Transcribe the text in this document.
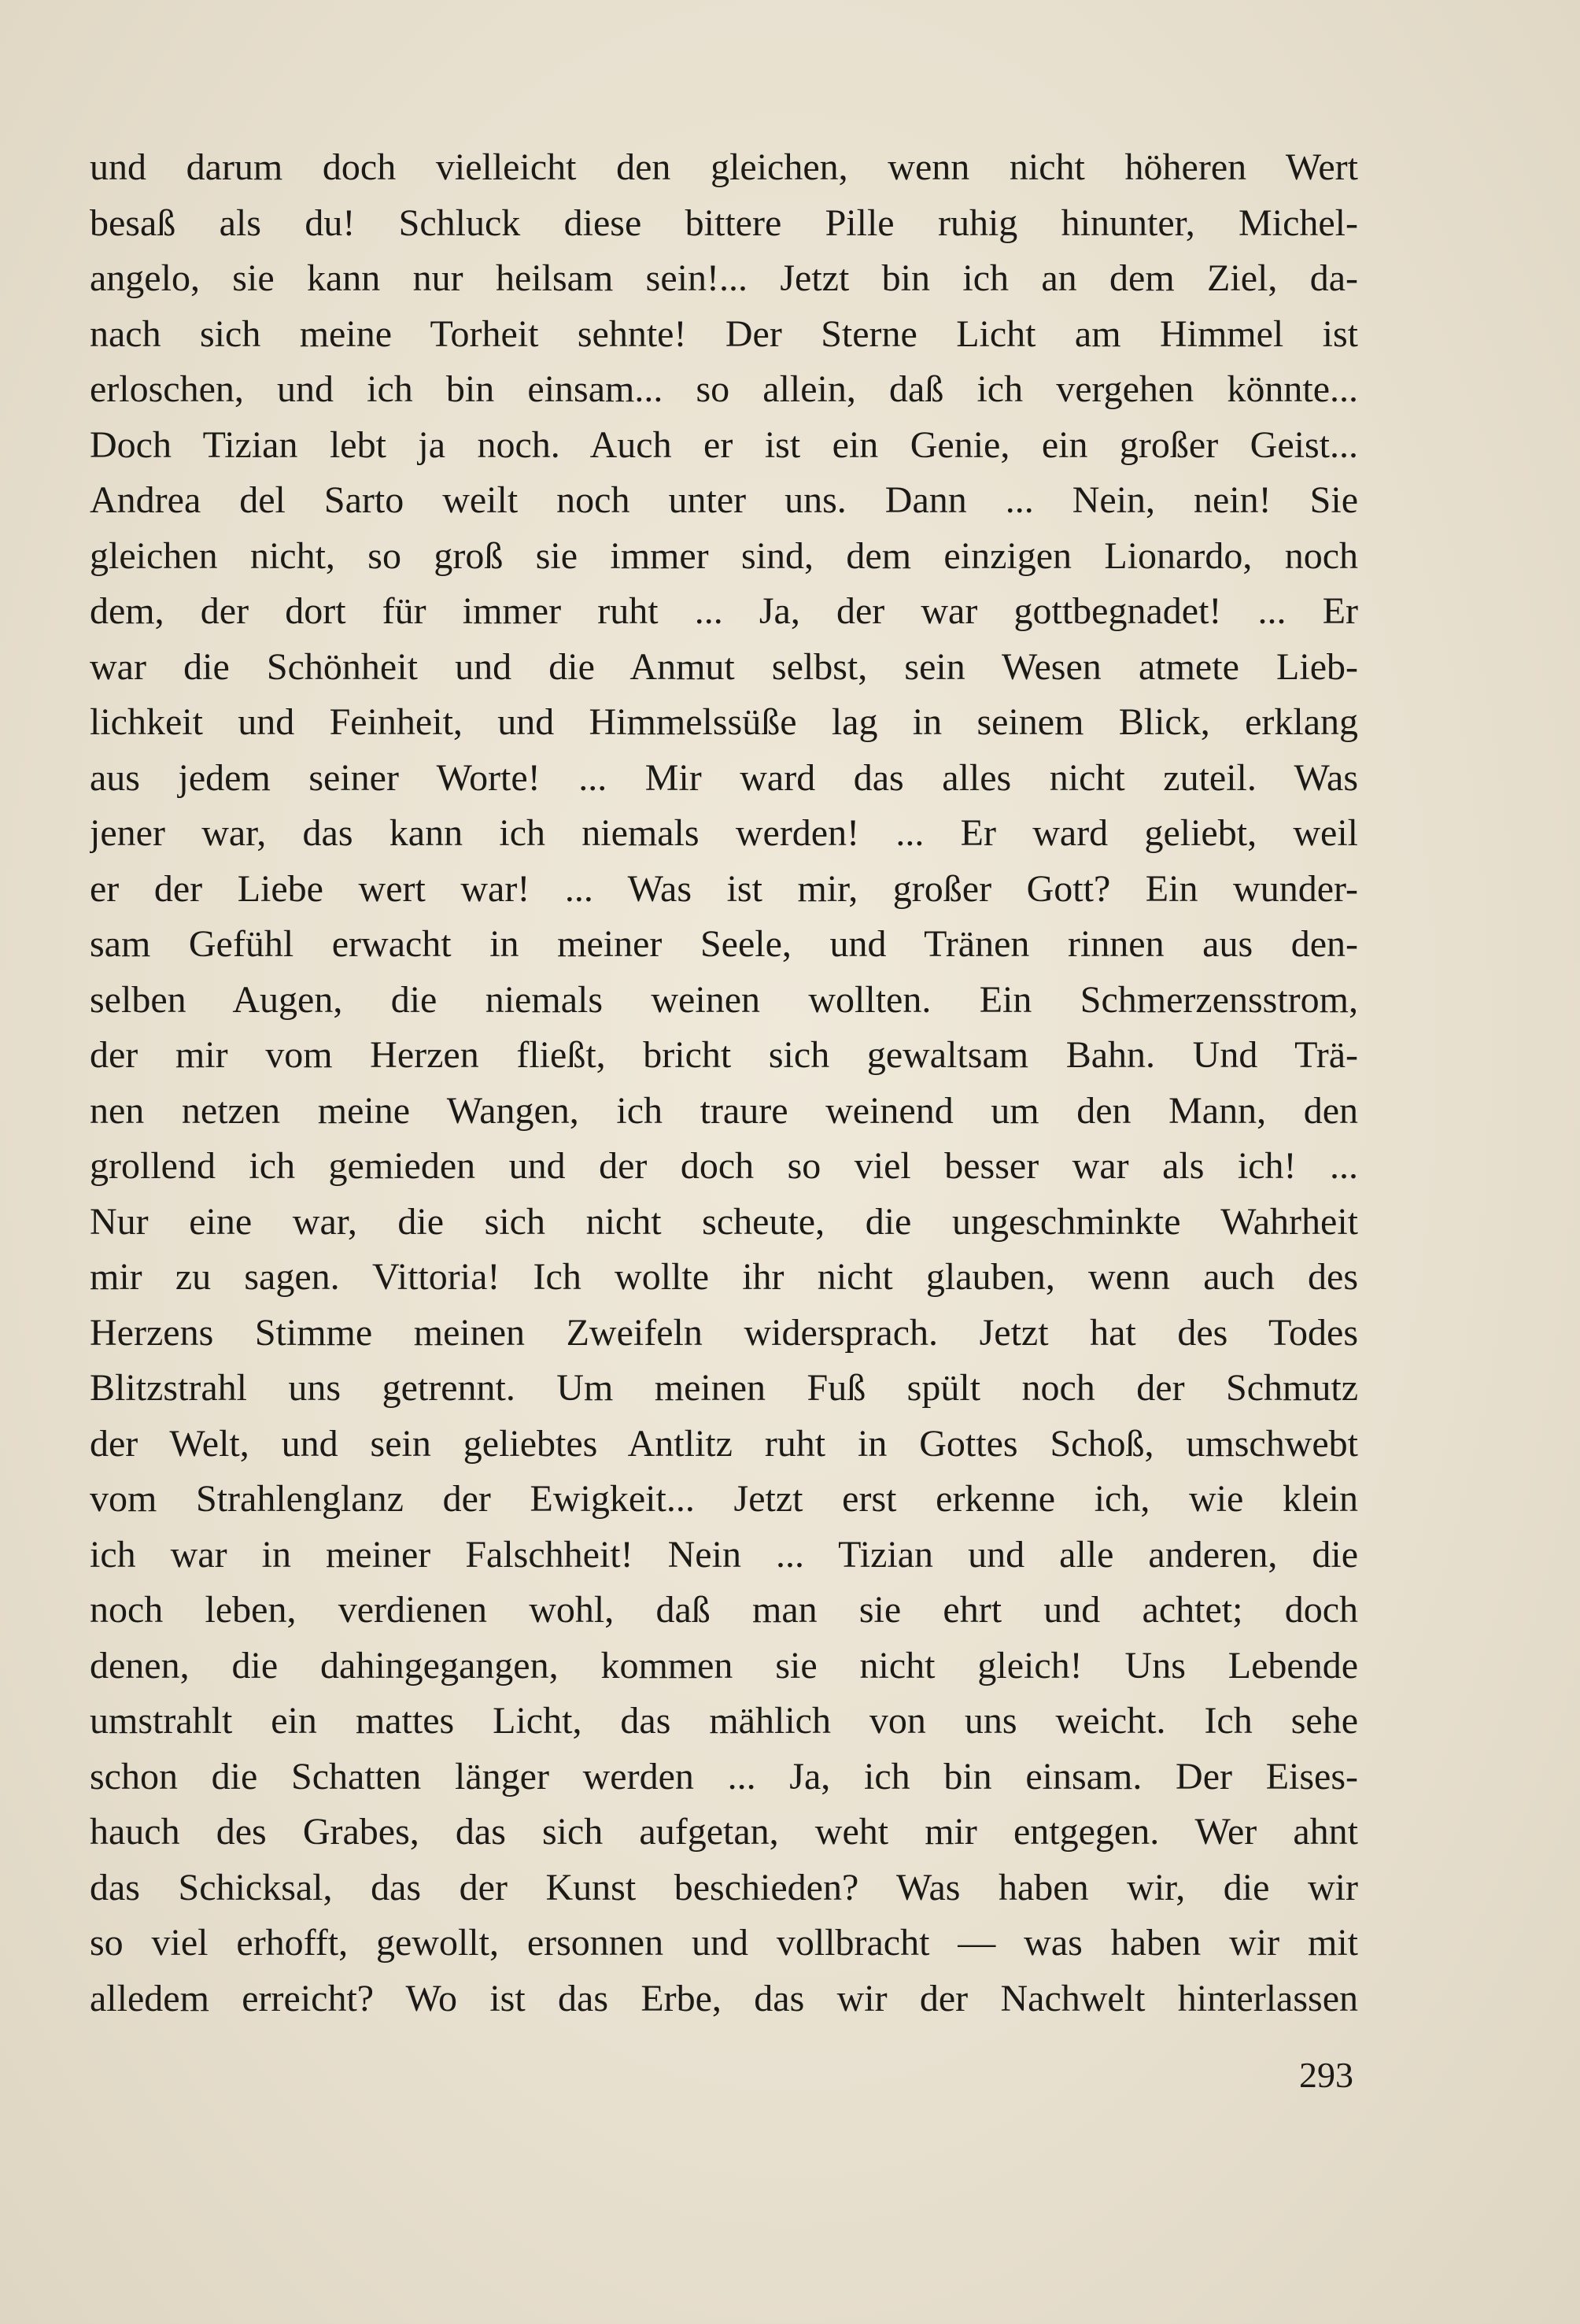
und darum doch vielleicht den gleichen, wenn nicht höheren Wert
besaß als du! Schluck diese bittere Pille ruhig hinunter, Michel-
angelo, sie kann nur heilsam sein!... Jetzt bin ich an dem Ziel, da-
nach sich meine Torheit sehnte! Der Sterne Licht am Himmel ist
erloschen, und ich bin einsam... so allein, daß ich vergehen könnte...
Doch Tizian lebt ja noch. Auch er ist ein Genie, ein großer Geist...
Andrea del Sarto weilt noch unter uns. Dann ... Nein, nein! Sie
gleichen nicht, so groß sie immer sind, dem einzigen Lionardo, noch
dem, der dort für immer ruht ... Ja, der war gottbegnadet! ... Er
war die Schönheit und die Anmut selbst, sein Wesen atmete Lieb-
lichkeit und Feinheit, und Himmelssüße lag in seinem Blick, erklang
aus jedem seiner Worte! ... Mir ward das alles nicht zuteil. Was
jener war, das kann ich niemals werden! ... Er ward geliebt, weil
er der Liebe wert war! ... Was ist mir, großer Gott? Ein wunder-
sam Gefühl erwacht in meiner Seele, und Tränen rinnen aus den-
selben Augen, die niemals weinen wollten. Ein Schmerzensstrom,
der mir vom Herzen fließt, bricht sich gewaltsam Bahn. Und Trä-
nen netzen meine Wangen, ich traure weinend um den Mann, den
grollend ich gemieden und der doch so viel besser war als ich! ...
Nur eine war, die sich nicht scheute, die ungeschminkte Wahrheit
mir zu sagen. Vittoria! Ich wollte ihr nicht glauben, wenn auch des
Herzens Stimme meinen Zweifeln widersprach. Jetzt hat des Todes
Blitzstrahl uns getrennt. Um meinen Fuß spült noch der Schmutz
der Welt, und sein geliebtes Antlitz ruht in Gottes Schoß, umschwebt
vom Strahlenglanz der Ewigkeit... Jetzt erst erkenne ich, wie klein
ich war in meiner Falschheit! Nein ... Tizian und alle anderen, die
noch leben, verdienen wohl, daß man sie ehrt und achtet; doch
denen, die dahingegangen, kommen sie nicht gleich! Uns Lebende
umstrahlt ein mattes Licht, das mählich von uns weicht. Ich sehe
schon die Schatten länger werden ... Ja, ich bin einsam. Der Eises-
hauch des Grabes, das sich aufgetan, weht mir entgegen. Wer ahnt
das Schicksal, das der Kunst beschieden? Was haben wir, die wir
so viel erhofft, gewollt, ersonnen und vollbracht — was haben wir mit
alledem erreicht? Wo ist das Erbe, das wir der Nachwelt hinterlassen
293
